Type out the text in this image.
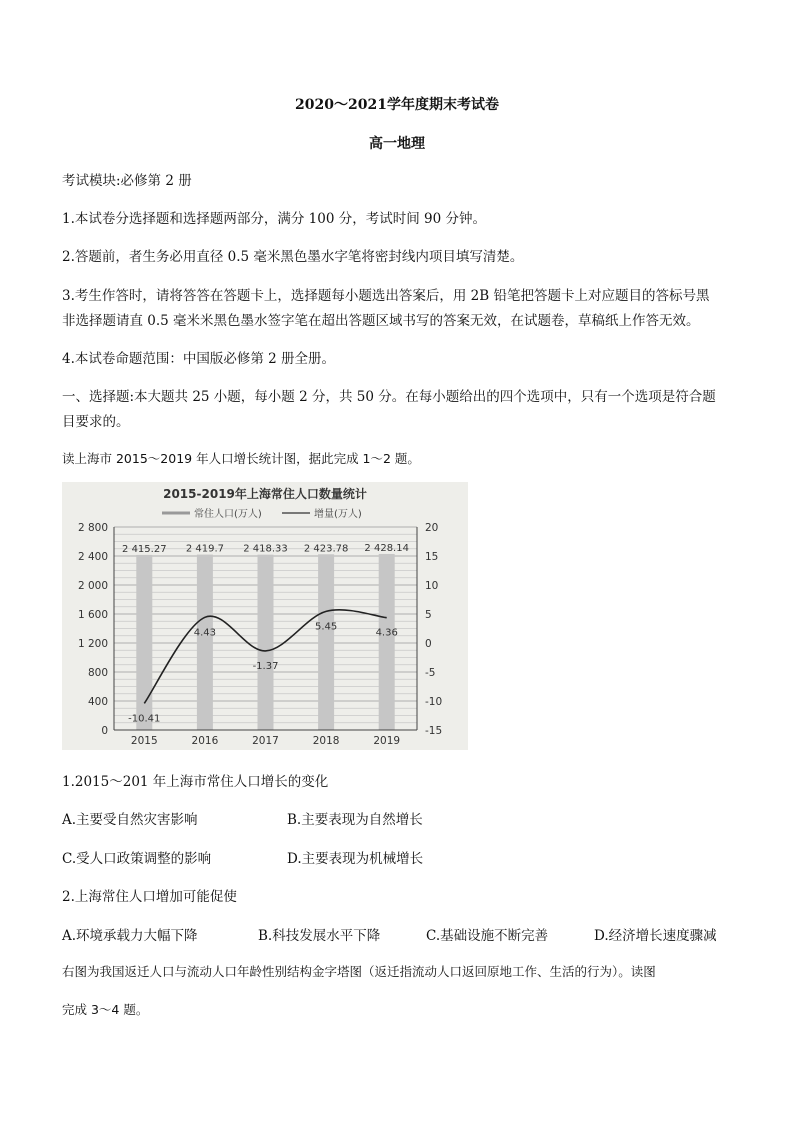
2020～2021学年度期末考试卷
高一地理
考试模块:必修第 2 册
1.本试卷分选择题和选择题两部分，满分 100 分，考试时间 90 分钟。
2.答题前，者生务必用直径 0.5 毫米黑色墨水字笔将密封线内项目填写清楚。
3.考生作答时，请将答答在答题卡上，选择题每小题选出答案后，用 2B 铅笔把答题卡上对应题目的答标号黑
非选择题请直 0.5 毫米米黑色墨水签字笔在超出答题区域书写的答案无效，在试题卷，草稿纸上作答无效。
4.本试卷命题范围：中国版必修第 2 册全册。
一、选择题:本大题共 25 小题，每小题 2 分，共 50 分。在每小题给出的四个选项中，只有一个选项是符合题
目要求的。
读上海市 2015～2019 年人口增长统计图，据此完成 1～2 题。
2015-2019年上海常住人口数量统计
常住人口(万人)	增量(万人)
2 415.27 2 419.7 2 418.33 2 423.78 2 428.14
0
400
800
1 200
1 600
2 000
2 400
2 800
-15
-10
-5
0
5
10
15
20
2015	2016	2017	2018	2019
-10.41
4.43
-1.37
5.45
4.36
1.2015～201 年上海市常住人口增长的变化
A.主要受自然灾害影响	B.主要表现为自然增长
C.受人口政策调整的影响	D.主要表现为机械增长
2.上海常住人口增加可能促使
A.环境承载力大幅下降	B.科技发展水平下降	C.基础设施不断完善	D.经济增长速度骤减
右图为我国返迁人口与流动人口年龄性别结构金字塔图（返迁指流动人口返回原地工作、生活的行为）。读图
完成 3～4 题。
